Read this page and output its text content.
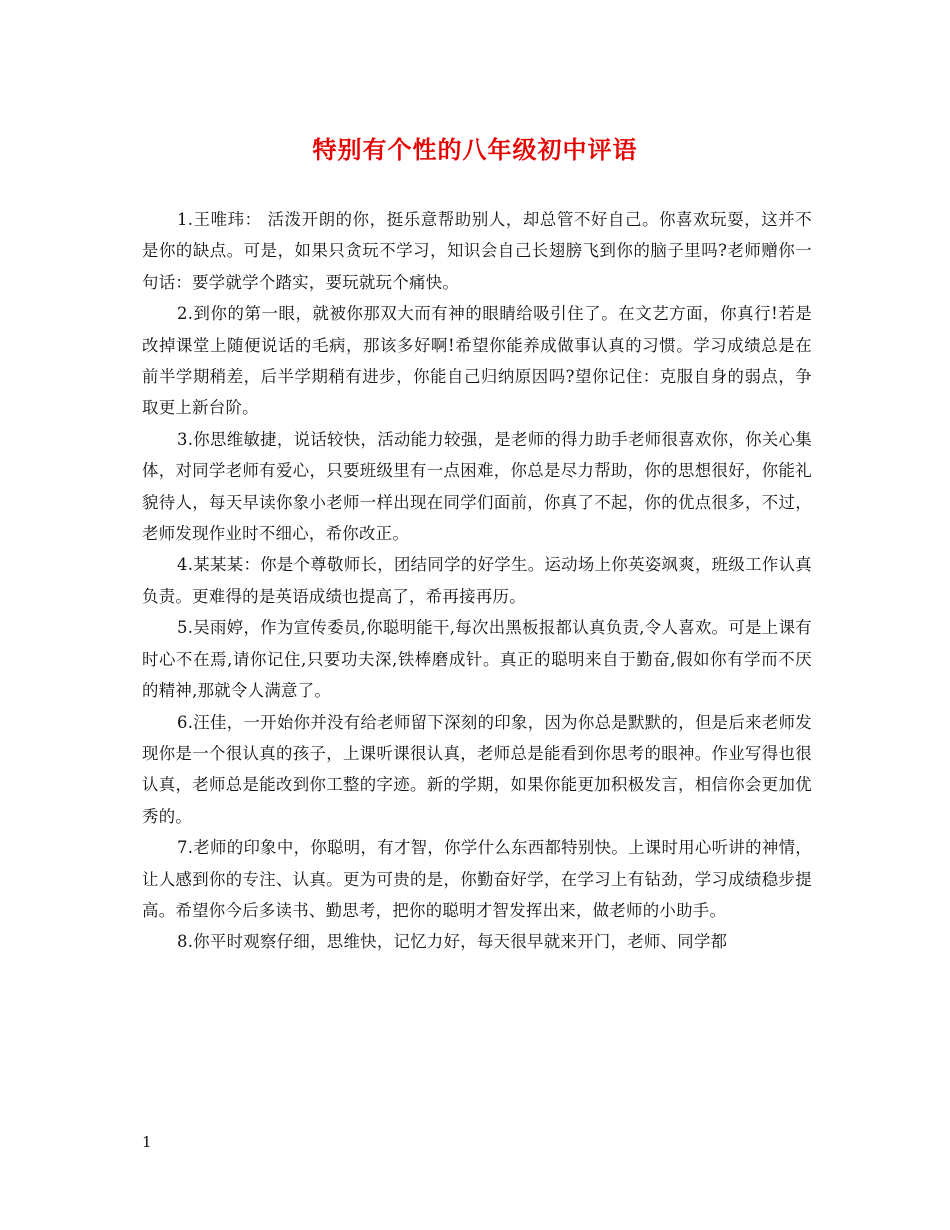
特别有个性的八年级初中评语

1.王唯玮： 活泼开朗的你，挺乐意帮助别人，却总管不好自己。你喜欢玩耍，这并不是你的缺点。可是，如果只贪玩不学习，知识会自己长翅膀飞到你的脑子里吗?老师赠你一句话：要学就学个踏实，要玩就玩个痛快。

2.到你的第一眼，就被你那双大而有神的眼睛给吸引住了。在文艺方面，你真行!若是改掉课堂上随便说话的毛病，那该多好啊!希望你能养成做事认真的习惯。学习成绩总是在前半学期稍差，后半学期稍有进步，你能自己归纳原因吗?望你记住：克服自身的弱点，争取更上新台阶。

3.你思维敏捷，说话较快，活动能力较强，是老师的得力助手老师很喜欢你，你关心集体，对同学老师有爱心，只要班级里有一点困难，你总是尽力帮助，你的思想很好，你能礼貌待人，每天早读你象小老师一样出现在同学们面前，你真了不起，你的优点很多，不过，老师发现作业时不细心，希你改正。

4.某某某：你是个尊敬师长，团结同学的好学生。运动场上你英姿飒爽，班级工作认真负责。更难得的是英语成绩也提高了，希再接再历。

5.吴雨婷，作为宣传委员,你聪明能干,每次出黑板报都认真负责,令人喜欢。可是上课有时心不在焉,请你记住,只要功夫深,铁棒磨成针。真正的聪明来自于勤奋,假如你有学而不厌的精神,那就令人满意了。

6.汪佳，一开始你并没有给老师留下深刻的印象，因为你总是默默的，但是后来老师发现你是一个很认真的孩子，上课听课很认真，老师总是能看到你思考的眼神。作业写得也很认真，老师总是能改到你工整的字迹。新的学期，如果你能更加积极发言，相信你会更加优秀的。

7.老师的印象中，你聪明，有才智，你学什么东西都特别快。上课时用心听讲的神情，让人感到你的专注、认真。更为可贵的是，你勤奋好学，在学习上有钻劲，学习成绩稳步提高。希望你今后多读书、勤思考，把你的聪明才智发挥出来，做老师的小助手。

8.你平时观察仔细，思维快，记忆力好，每天很早就来开门，老师、同学都

1
